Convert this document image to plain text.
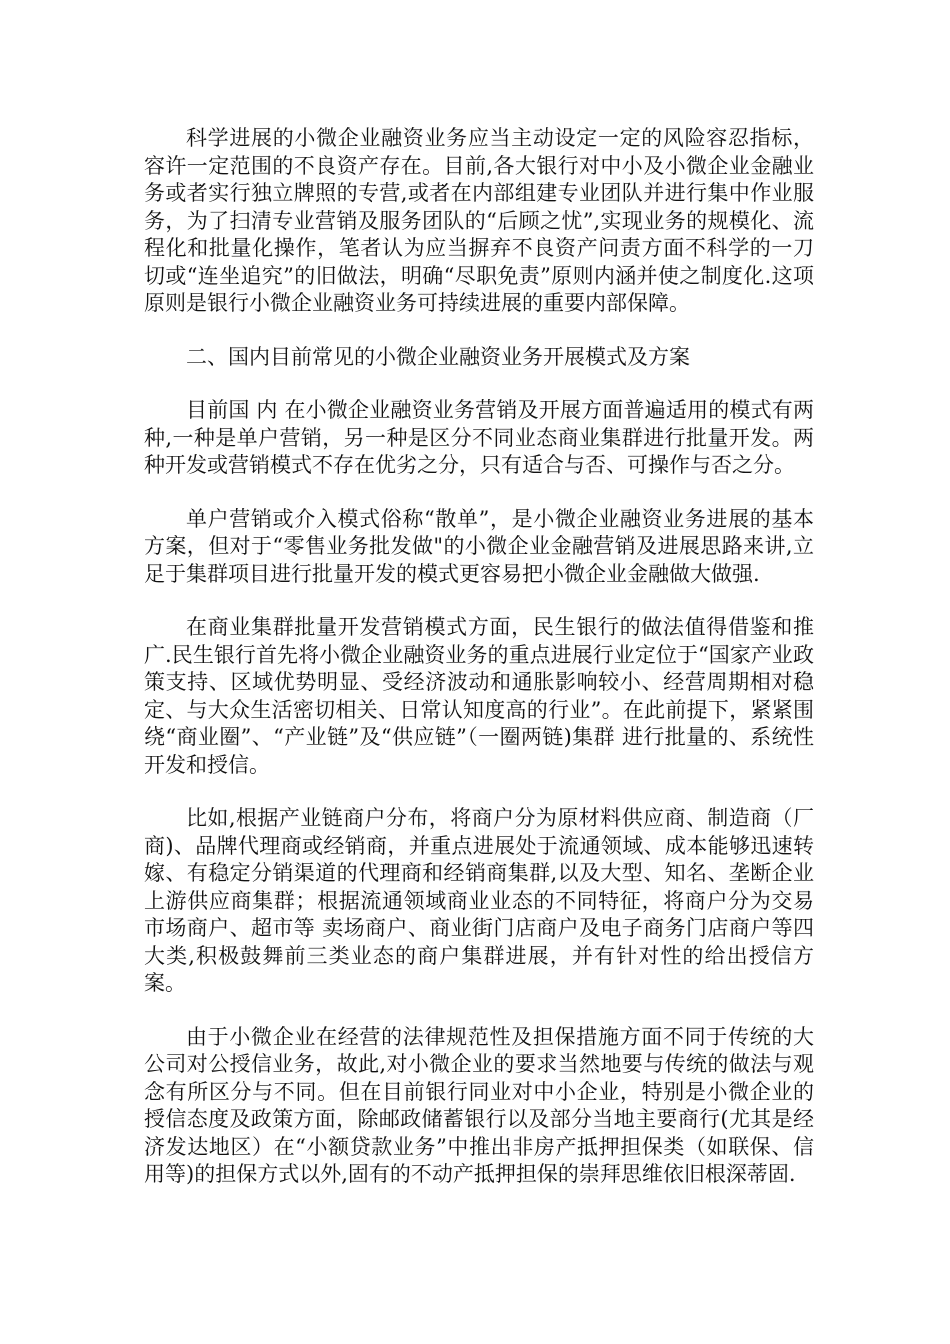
科学进展的小微企业融资业务应当主动设定一定的风险容忍指标，容许一定范围的不良资产存在。目前,各大银行对中小及小微企业金融业务或者实行独立牌照的专营,或者在内部组建专业团队并进行集中作业服务，为了扫清专业营销及服务团队的“后顾之忧”,实现业务的规模化、流程化和批量化操作，笔者认为应当摒弃不良资产问责方面不科学的一刀切或“连坐追究”的旧做法，明确“尽职免责”原则内涵并使之制度化.这项原则是银行小微企业融资业务可持续进展的重要内部保障。

二、国内目前常见的小微企业融资业务开展模式及方案

目前国 内 在小微企业融资业务营销及开展方面普遍适用的模式有两种,一种是单户营销，另一种是区分不同业态商业集群进行批量开发。两种开发或营销模式不存在优劣之分，只有适合与否、可操作与否之分。

单户营销或介入模式俗称“散单”，是小微企业融资业务进展的基本方案，但对于“零售业务批发做"的小微企业金融营销及进展思路来讲,立足于集群项目进行批量开发的模式更容易把小微企业金融做大做强.

在商业集群批量开发营销模式方面，民生银行的做法值得借鉴和推广.民生银行首先将小微企业融资业务的重点进展行业定位于“国家产业政策支持、区域优势明显、受经济波动和通胀影响较小、经营周期相对稳定、与大众生活密切相关、日常认知度高的行业”。在此前提下，紧紧围绕“商业圈”、“产业链”及“供应链”（一圈两链)集群 进行批量的、系统性开发和授信。

比如,根据产业链商户分布，将商户分为原材料供应商、制造商（厂商)、品牌代理商或经销商，并重点进展处于流通领域、成本能够迅速转嫁、有稳定分销渠道的代理商和经销商集群,以及大型、知名、垄断企业上游供应商集群；根据流通领域商业业态的不同特征，将商户分为交易市场商户、超市等 卖场商户、商业街门店商户及电子商务门店商户等四大类,积极鼓舞前三类业态的商户集群进展，并有针对性的给出授信方案。

由于小微企业在经营的法律规范性及担保措施方面不同于传统的大公司对公授信业务，故此,对小微企业的要求当然地要与传统的做法与观念有所区分与不同。但在目前银行同业对中小企业，特别是小微企业的授信态度及政策方面，除邮政储蓄银行以及部分当地主要商行(尤其是经济发达地区）在“小额贷款业务”中推出非房产抵押担保类（如联保、信用等)的担保方式以外,固有的不动产抵押担保的崇拜思维依旧根深蒂固.
